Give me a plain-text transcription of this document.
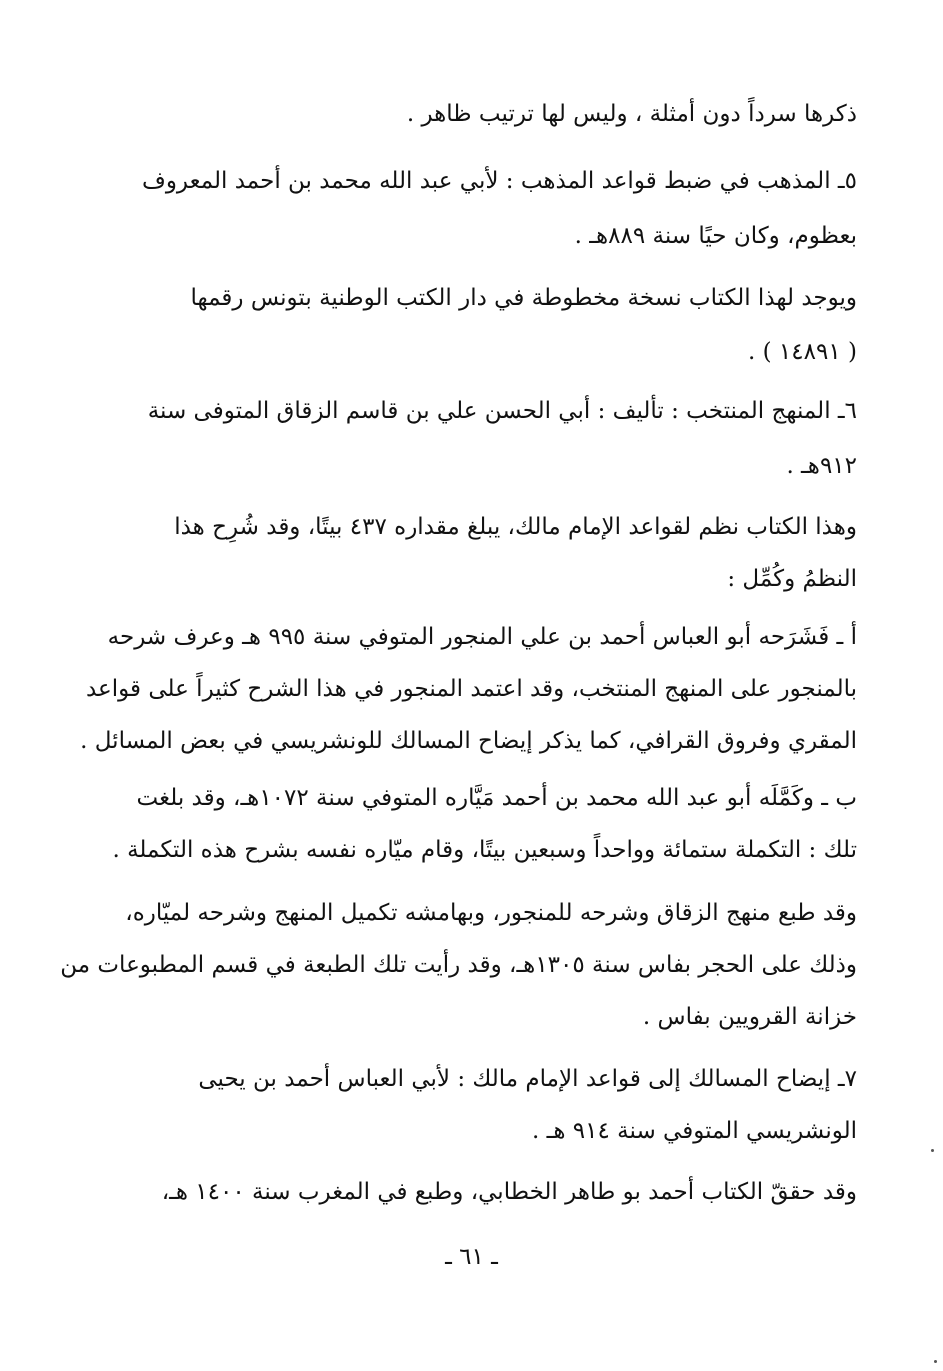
ذكرها سرداً دون أمثلة ، وليس لها ترتيب ظاهر .
٥ـ المذهب في ضبط قواعد المذهب : لأبي عبد الله محمد بن أحمد المعروف
بعظوم، وكان حيًا سنة ٨٨٩هـ .
ويوجد لهذا الكتاب نسخة مخطوطة في دار الكتب الوطنية بتونس رقمها
( ١٤٨٩١ ) .
٦ـ المنهج المنتخب : تأليف : أبي الحسن علي بن قاسم الزقاق المتوفى سنة
٩١٢هـ .
وهذا الكتاب نظم لقواعد الإمام مالك، يبلغ مقداره ٤٣٧ بيتًا، وقد شُرِح هذا
النظمُ وكُمِّل :
أ ـ فَشَرَحه أبو العباس أحمد بن علي المنجور المتوفي سنة ٩٩٥ هـ وعرف شرحه
بالمنجور على المنهج المنتخب، وقد اعتمد المنجور في هذا الشرح كثيراً على قواعد
المقري وفروق القرافي، كما يذكر إيضاح المسالك للونشريسي في بعض المسائل .
ب ـ وكَمَّلَه أبو عبد الله محمد بن أحمد مَيَّاره المتوفي سنة ١٠٧٢هـ، وقد بلغت
تلك : التكملة ستمائة وواحداً وسبعين بيتًا، وقام ميّاره نفسه بشرح هذه التكملة .
وقد طبع منهج الزقاق وشرحه للمنجور، وبهامشه تكميل المنهج وشرحه لميّاره،
وذلك على الحجر بفاس سنة ١٣٠٥هـ، وقد رأيت تلك الطبعة في قسم المطبوعات من
خزانة القرويين بفاس .
٧ـ إيضاح المسالك إلى قواعد الإمام مالك : لأبي العباس أحمد بن يحيى
الونشريسي المتوفي سنة ٩١٤ هـ .
وقد حققّ الكتاب أحمد بو طاهر الخطابي، وطبع في المغرب سنة ١٤٠٠ هـ،
ـ ٦١ ـ
